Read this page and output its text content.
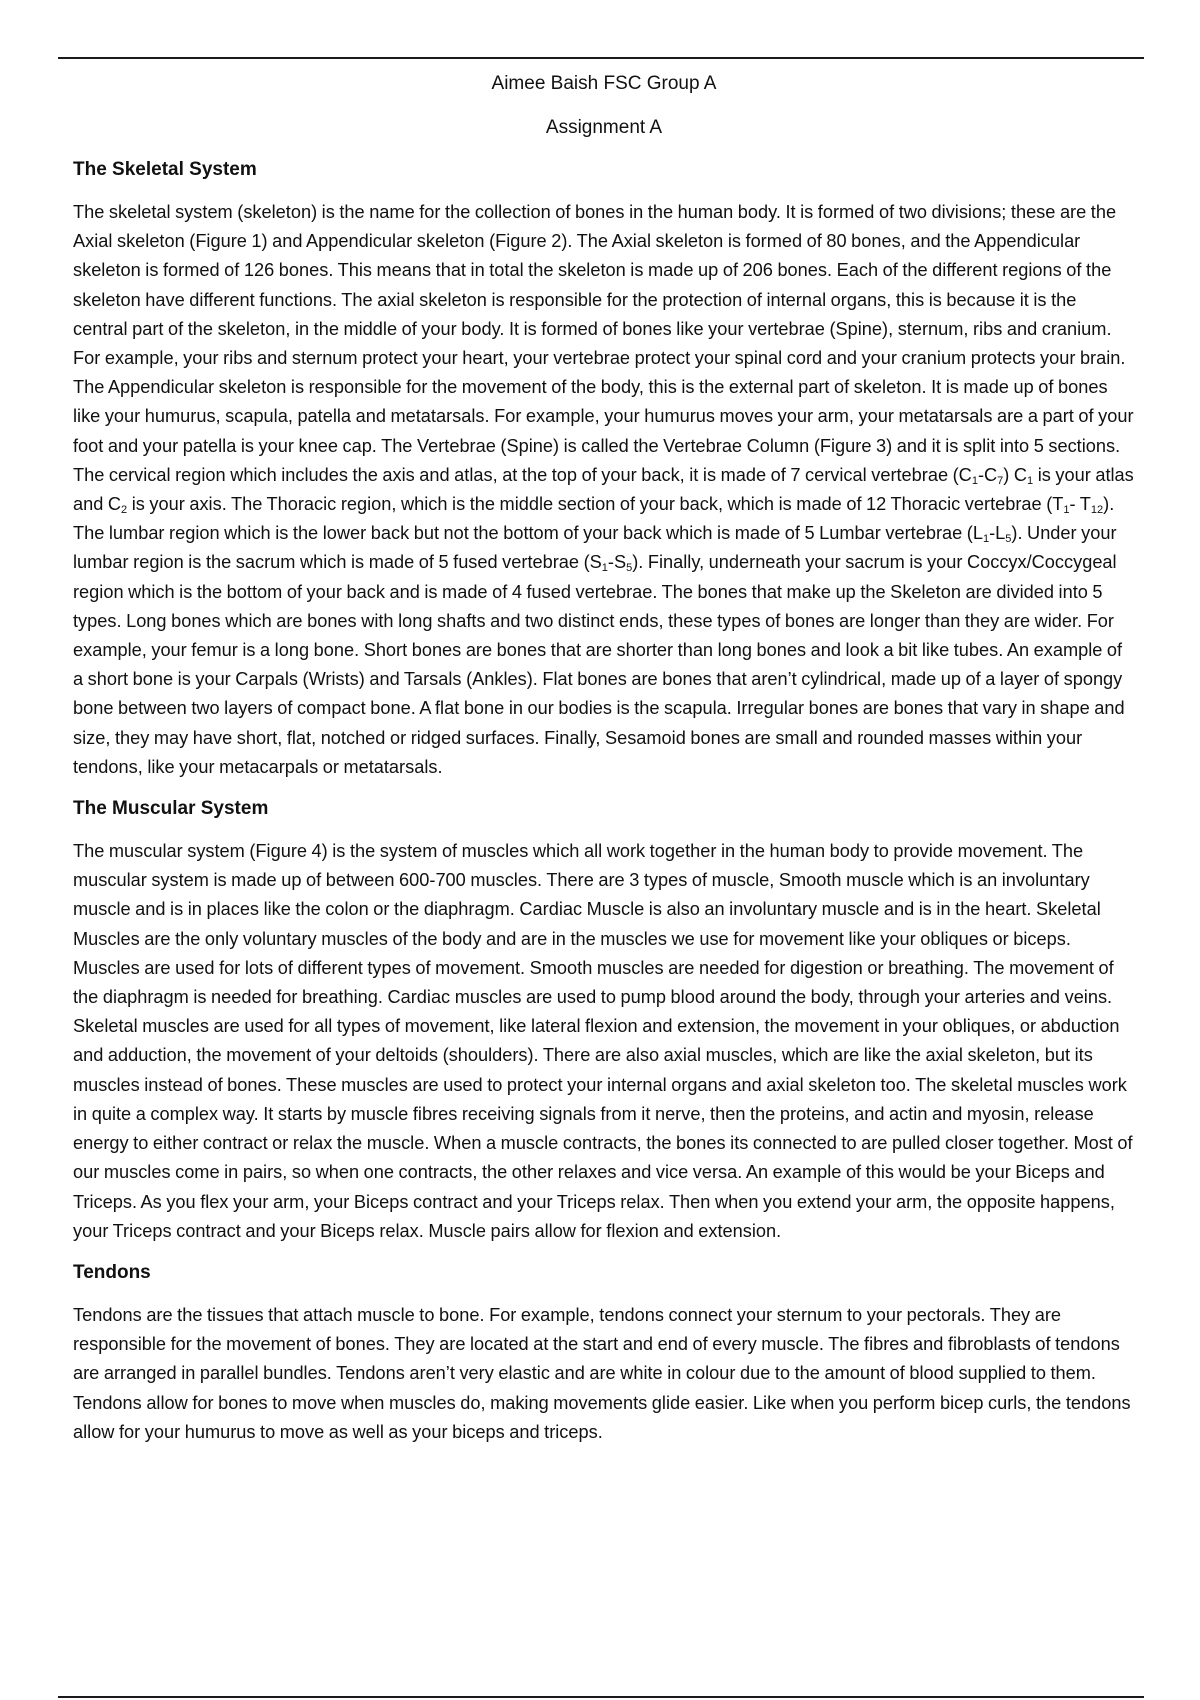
Aimee Baish FSC Group A

Assignment A

The Skeletal System

The skeletal system (skeleton) is the name for the collection of bones in the human body. It is formed of two divisions; these are the Axial skeleton (Figure 1) and Appendicular skeleton (Figure 2). The Axial skeleton is formed of 80 bones, and the Appendicular skeleton is formed of 126 bones. This means that in total the skeleton is made up of 206 bones. Each of the different regions of the skeleton have different functions. The axial skeleton is responsible for the protection of internal organs, this is because it is the central part of the skeleton, in the middle of your body. It is formed of bones like your vertebrae (Spine), sternum, ribs and cranium. For example, your ribs and sternum protect your heart, your vertebrae protect your spinal cord and your cranium protects your brain. The Appendicular skeleton is responsible for the movement of the body, this is the external part of skeleton. It is made up of bones like your humurus, scapula, patella and metatarsals. For example, your humurus moves your arm, your metatarsals are a part of your foot and your patella is your knee cap. The Vertebrae (Spine) is called the Vertebrae Column (Figure 3) and it is split into 5 sections. The cervical region which includes the axis and atlas, at the top of your back, it is made of 7 cervical vertebrae $(C_1-C_7)$ $C_1$ is your atlas and $C_2$ is your axis. The Thoracic region, which is the middle section of your back, which is made of 12 Thoracic vertebrae ($T_1-$ $T_{12}$). The lumbar region which is the lower back but not the bottom of your back which is made of 5 Lumbar vertebrae $(L_1-L_5)$. Under your lumbar region is the sacrum which is made of 5 fused vertebrae $(S_1-S_5)$. Finally, underneath your sacrum is your Coccyx/Coccygeal region which is the bottom of your back and is made of 4 fused vertebrae. The bones that make up the Skeleton are divided into 5 types. Long bones which are bones with long shafts and two distinct ends, these types of bones are longer than they are wider. For example, your femur is a long bone. Short bones are bones that are shorter than long bones and look a bit like tubes. An example of a short bone is your Carpals (Wrists) and Tarsals (Ankles). Flat bones are bones that aren’t cylindrical, made up of a layer of spongy bone between two layers of compact bone. A flat bone in our bodies is the scapula. Irregular bones are bones that vary in shape and size, they may have short, flat, notched or ridged surfaces. Finally, Sesamoid bones are small and rounded masses within your tendons, like your metacarpals or metatarsals.

The Muscular System

The muscular system (Figure 4) is the system of muscles which all work together in the human body to provide movement. The muscular system is made up of between 600-700 muscles. There are 3 types of muscle, Smooth muscle which is an involuntary muscle and is in places like the colon or the diaphragm. Cardiac Muscle is also an involuntary muscle and is in the heart. Skeletal Muscles are the only voluntary muscles of the body and are in the muscles we use for movement like your obliques or biceps. Muscles are used for lots of different types of movement. Smooth muscles are needed for digestion or breathing. The movement of the diaphragm is needed for breathing. Cardiac muscles are used to pump blood around the body, through your arteries and veins. Skeletal muscles are used for all types of movement, like lateral flexion and extension, the movement in your obliques, or abduction and adduction, the movement of your deltoids (shoulders). There are also axial muscles, which are like the axial skeleton, but its muscles instead of bones. These muscles are used to protect your internal organs and axial skeleton too. The skeletal muscles work in quite a complex way. It starts by muscle fibres receiving signals from it nerve, then the proteins, and actin and myosin, release energy to either contract or relax the muscle. When a muscle contracts, the bones its connected to are pulled closer together. Most of our muscles come in pairs, so when one contracts, the other relaxes and vice versa. An example of this would be your Biceps and Triceps. As you flex your arm, your Biceps contract and your Triceps relax. Then when you extend your arm, the opposite happens, your Triceps contract and your Biceps relax. Muscle pairs allow for flexion and extension.

Tendons

Tendons are the tissues that attach muscle to bone. For example, tendons connect your sternum to your pectorals. They are responsible for the movement of bones. They are located at the start and end of every muscle. The fibres and fibroblasts of tendons are arranged in parallel bundles. Tendons aren’t very elastic and are white in colour due to the amount of blood supplied to them. Tendons allow for bones to move when muscles do, making movements glide easier. Like when you perform bicep curls, the tendons allow for your humurus to move as well as your biceps and triceps.
